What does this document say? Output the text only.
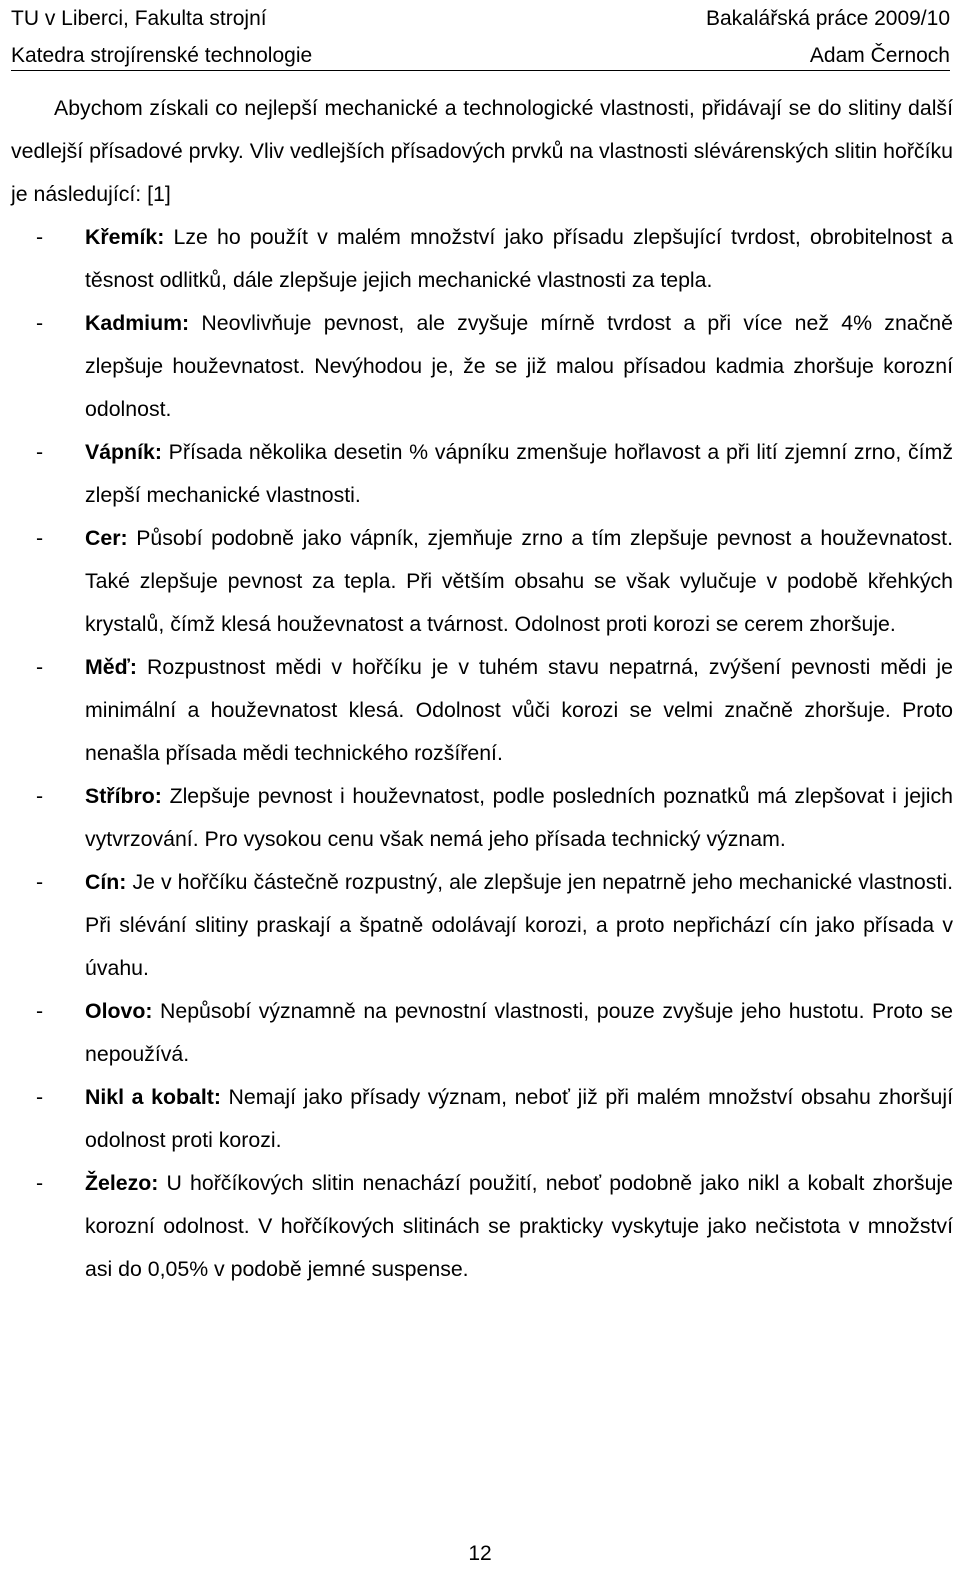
TU v Liberci, Fakulta strojní	Bakalářská práce 2009/10
Katedra strojírenské technologie	Adam Černoch

Abychom získali co nejlepší mechanické a technologické vlastnosti, přidávají se do slitiny další vedlejší přísadové prvky. Vliv vedlejších přísadových prvků na vlastnosti slévárenských slitin hořčíku je následující: [1]

- Křemík: Lze ho použít v malém množství jako přísadu zlepšující tvrdost, obrobitelnost a těsnost odlitků, dále zlepšuje jejich mechanické vlastnosti za tepla.
- Kadmium: Neovlivňuje pevnost, ale zvyšuje mírně tvrdost a při více než 4% značně zlepšuje houževnatost. Nevýhodou je, že se již malou přísadou kadmia zhoršuje korozní odolnost.
- Vápník: Přísada několika desetin % vápníku zmenšuje hořlavost a při lití zjemní zrno, čímž zlepší mechanické vlastnosti.
- Cer: Působí podobně jako vápník, zjemňuje zrno a tím zlepšuje pevnost a houževnatost. Také zlepšuje pevnost za tepla. Při větším obsahu se však vylučuje v podobě křehkých krystalů, čímž klesá houževnatost a tvárnost. Odolnost proti korozi se cerem zhoršuje.
- Měď: Rozpustnost mědi v hořčíku je v tuhém stavu nepatrná, zvýšení pevnosti mědi je minimální a houževnatost klesá. Odolnost vůči korozi se velmi značně zhoršuje. Proto nenašla přísada mědi technického rozšíření.
- Stříbro: Zlepšuje pevnost i houževnatost, podle posledních poznatků má zlepšovat i jejich vytvrzování. Pro vysokou cenu však nemá jeho přísada technický význam.
- Cín: Je v hořčíku částečně rozpustný, ale zlepšuje jen nepatrně jeho mechanické vlastnosti. Při slévání slitiny praskají a špatně odolávají korozi, a proto nepřichází cín jako přísada v úvahu.
- Olovo: Nepůsobí významně na pevnostní vlastnosti, pouze zvyšuje jeho hustotu. Proto se nepoužívá.
- Nikl a kobalt: Nemají jako přísady význam, neboť již při malém množství obsahu zhoršují odolnost proti korozi.
- Železo: U hořčíkových slitin nenachází použití, neboť podobně jako nikl a kobalt zhoršuje korozní odolnost. V hořčíkových slitinách se prakticky vyskytuje jako nečistota v množství asi do 0,05% v podobě jemné suspense.
12
